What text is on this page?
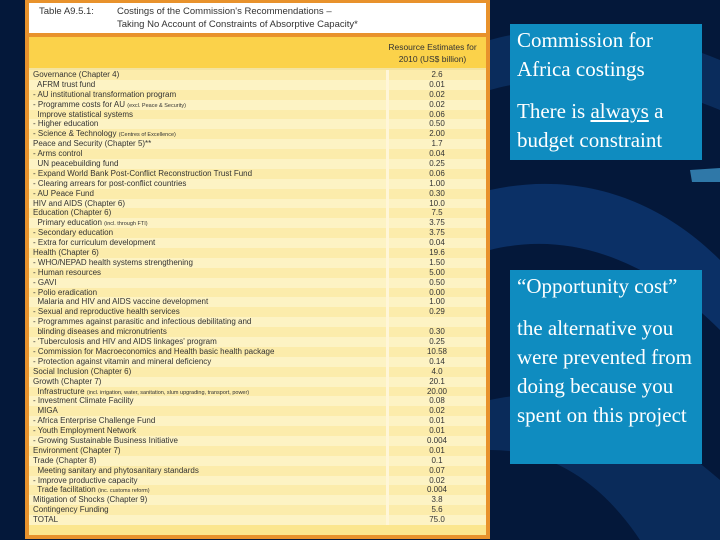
Table A9.5.1: Costings of the Commission's Recommendations –
Taking No Account of Constraints of Absorptive Capacity*
Resource Estimates for 2010 (US$ billion)
Governance (Chapter 4)	2.6
AFRM trust fund	0.01
- AU institutional transformation program	0.02
- Programme costs for AU (excl. Peace & Security)	0.02
Improve statistical systems	0.06
- Higher education	0.50
- Science & Technology (Centres of Excellence)	2.00
Peace and Security (Chapter 5)**	1.7
- Arms control	0.04
UN peacebuilding fund	0.25
- Expand World Bank Post-Conflict Reconstruction Trust Fund	0.06
- Clearing arrears for post-conflict countries	1.00
- AU Peace Fund	0.30
HIV and AIDS (Chapter 6)	10.0
Education (Chapter 6)	7.5
Primary education (incl. through FTI)	3.75
- Secondary education	3.75
- Extra for curriculum development	0.04
Health (Chapter 6)	19.6
- WHO/NEPAD health systems strengthening	1.50
- Human resources	5.00
- GAVI	0.50
- Polio eradication	0.00
Malaria and HIV and AIDS vaccine development	1.00
- Sexual and reproductive health services	0.29
- Programmes against parasitic and infectious debilitating and
blinding diseases and micronutrients	0.30
- 'Tuberculosis and HIV and AIDS linkages' program	0.25
- Commission for Macroeconomics and Health basic health package	10.58
- Protection against vitamin and mineral deficiency	0.14
Social Inclusion (Chapter 6)	4.0
Growth (Chapter 7)	20.1
Infrastructure (incl. irrigation, water, sanitation, slum upgrading, transport, power)	20.00
- Investment Climate Facility	0.08
MIGA	0.02
- Africa Enterprise Challenge Fund	0.01
- Youth Employment Network	0.01
- Growing Sustainable Business Initiative	0.004
Environment (Chapter 7)	0.01
Trade (Chapter 8)	0.1
Meeting sanitary and phytosanitary standards	0.07
- Improve productive capacity	0.02
Trade facilitation (inc. customs reform)	0.004
Mitigation of Shocks (Chapter 9)	3.8
Contingency Funding	5.6
TOTAL	75.0

Commission for Africa costings

There is always a budget constraint

“Opportunity cost”

the alternative you were prevented from doing because you spent on this project
